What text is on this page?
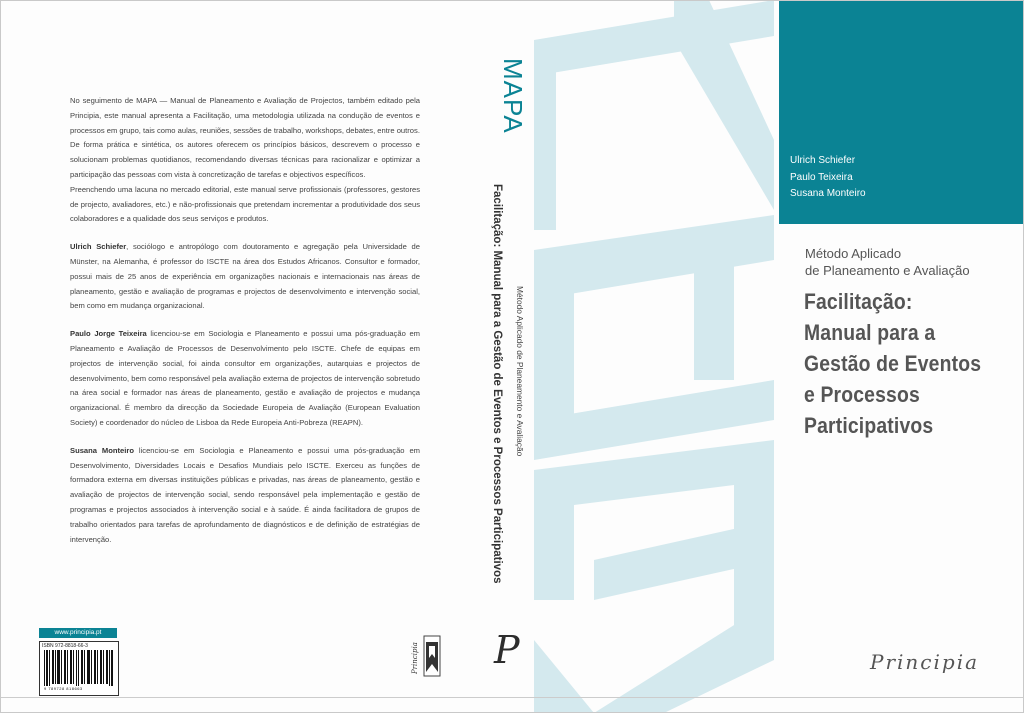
No seguimento de MAPA — Manual de Planeamento e Avaliação de Projectos, também editado pela Principia, este manual apresenta a Facilitação, uma metodologia utilizada na condução de eventos e processos em grupo, tais como aulas, reuniões, sessões de trabalho, workshops, debates, entre outros.

De forma prática e sintética, os autores oferecem os princípios básicos, descrevem o processo e solucionam problemas quotidianos, recomendando diversas técnicas para racionalizar e optimizar a participação das pessoas com vista à concretização de tarefas e objectivos específicos.

Preenchendo uma lacuna no mercado editorial, este manual serve profissionais (professores, gestores de projecto, avaliadores, etc.) e não-profissionais que pretendam incrementar a produtividade dos seus colaboradores e a qualidade dos seus serviços e produtos.

Ulrich Schiefer, sociólogo e antropólogo com doutoramento e agregação pela Universidade de Münster, na Alemanha, é professor do ISCTE na área dos Estudos Africanos. Consultor e formador, possui mais de 25 anos de experiência em organizações nacionais e internacionais nas áreas de planeamento, gestão e avaliação de programas e projectos de desenvolvimento e intervenção social, bem como em mudança organizacional.

Paulo Jorge Teixeira licenciou-se em Sociologia e Planeamento e possui uma pós-graduação em Planeamento e Avaliação de Processos de Desenvolvimento pelo ISCTE. Chefe de equipas em projectos de intervenção social, foi ainda consultor em organizações, autarquias e projectos de desenvolvimento, bem como responsável pela avaliação externa de projectos de intervenção sobretudo na área social e formador nas áreas de planeamento, gestão e avaliação de projectos e mudança organizacional. É membro da direcção da Sociedade Europeia de Avaliação (European Evaluation Society) e coordenador do núcleo de Lisboa da Rede Europeia Anti-Pobreza (REAPN).

Susana Monteiro licenciou-se em Sociologia e Planeamento e possui uma pós-graduação em Desenvolvimento, Diversidades Locais e Desafios Mundiais pelo ISCTE. Exerceu as funções de formadora externa em diversas instituições públicas e privadas, nas áreas de planeamento, gestão e avaliação de projectos de intervenção social, sendo responsável pela implementação e gestão de programas e projectos associados à intervenção social e à saúde. É ainda facilitadora de grupos de trabalho orientados para tarefas de aprofundamento de diagnósticos e de definição de estratégias de intervenção.

www.principia.pt
ISBN 972-8818-66-3
9 789728 818663
MAPA
Facilitação: Manual para a Gestão de Eventos e Processos Participativos Método Aplicado de Planeamento e Avaliação
Principia P
Ulrich Schiefer
Paulo Teixeira
Susana Monteiro
Método Aplicado
de Planeamento e Avaliação
Facilitação:
Manual para a
Gestão de Eventos
e Processos
Participativos
Principia
